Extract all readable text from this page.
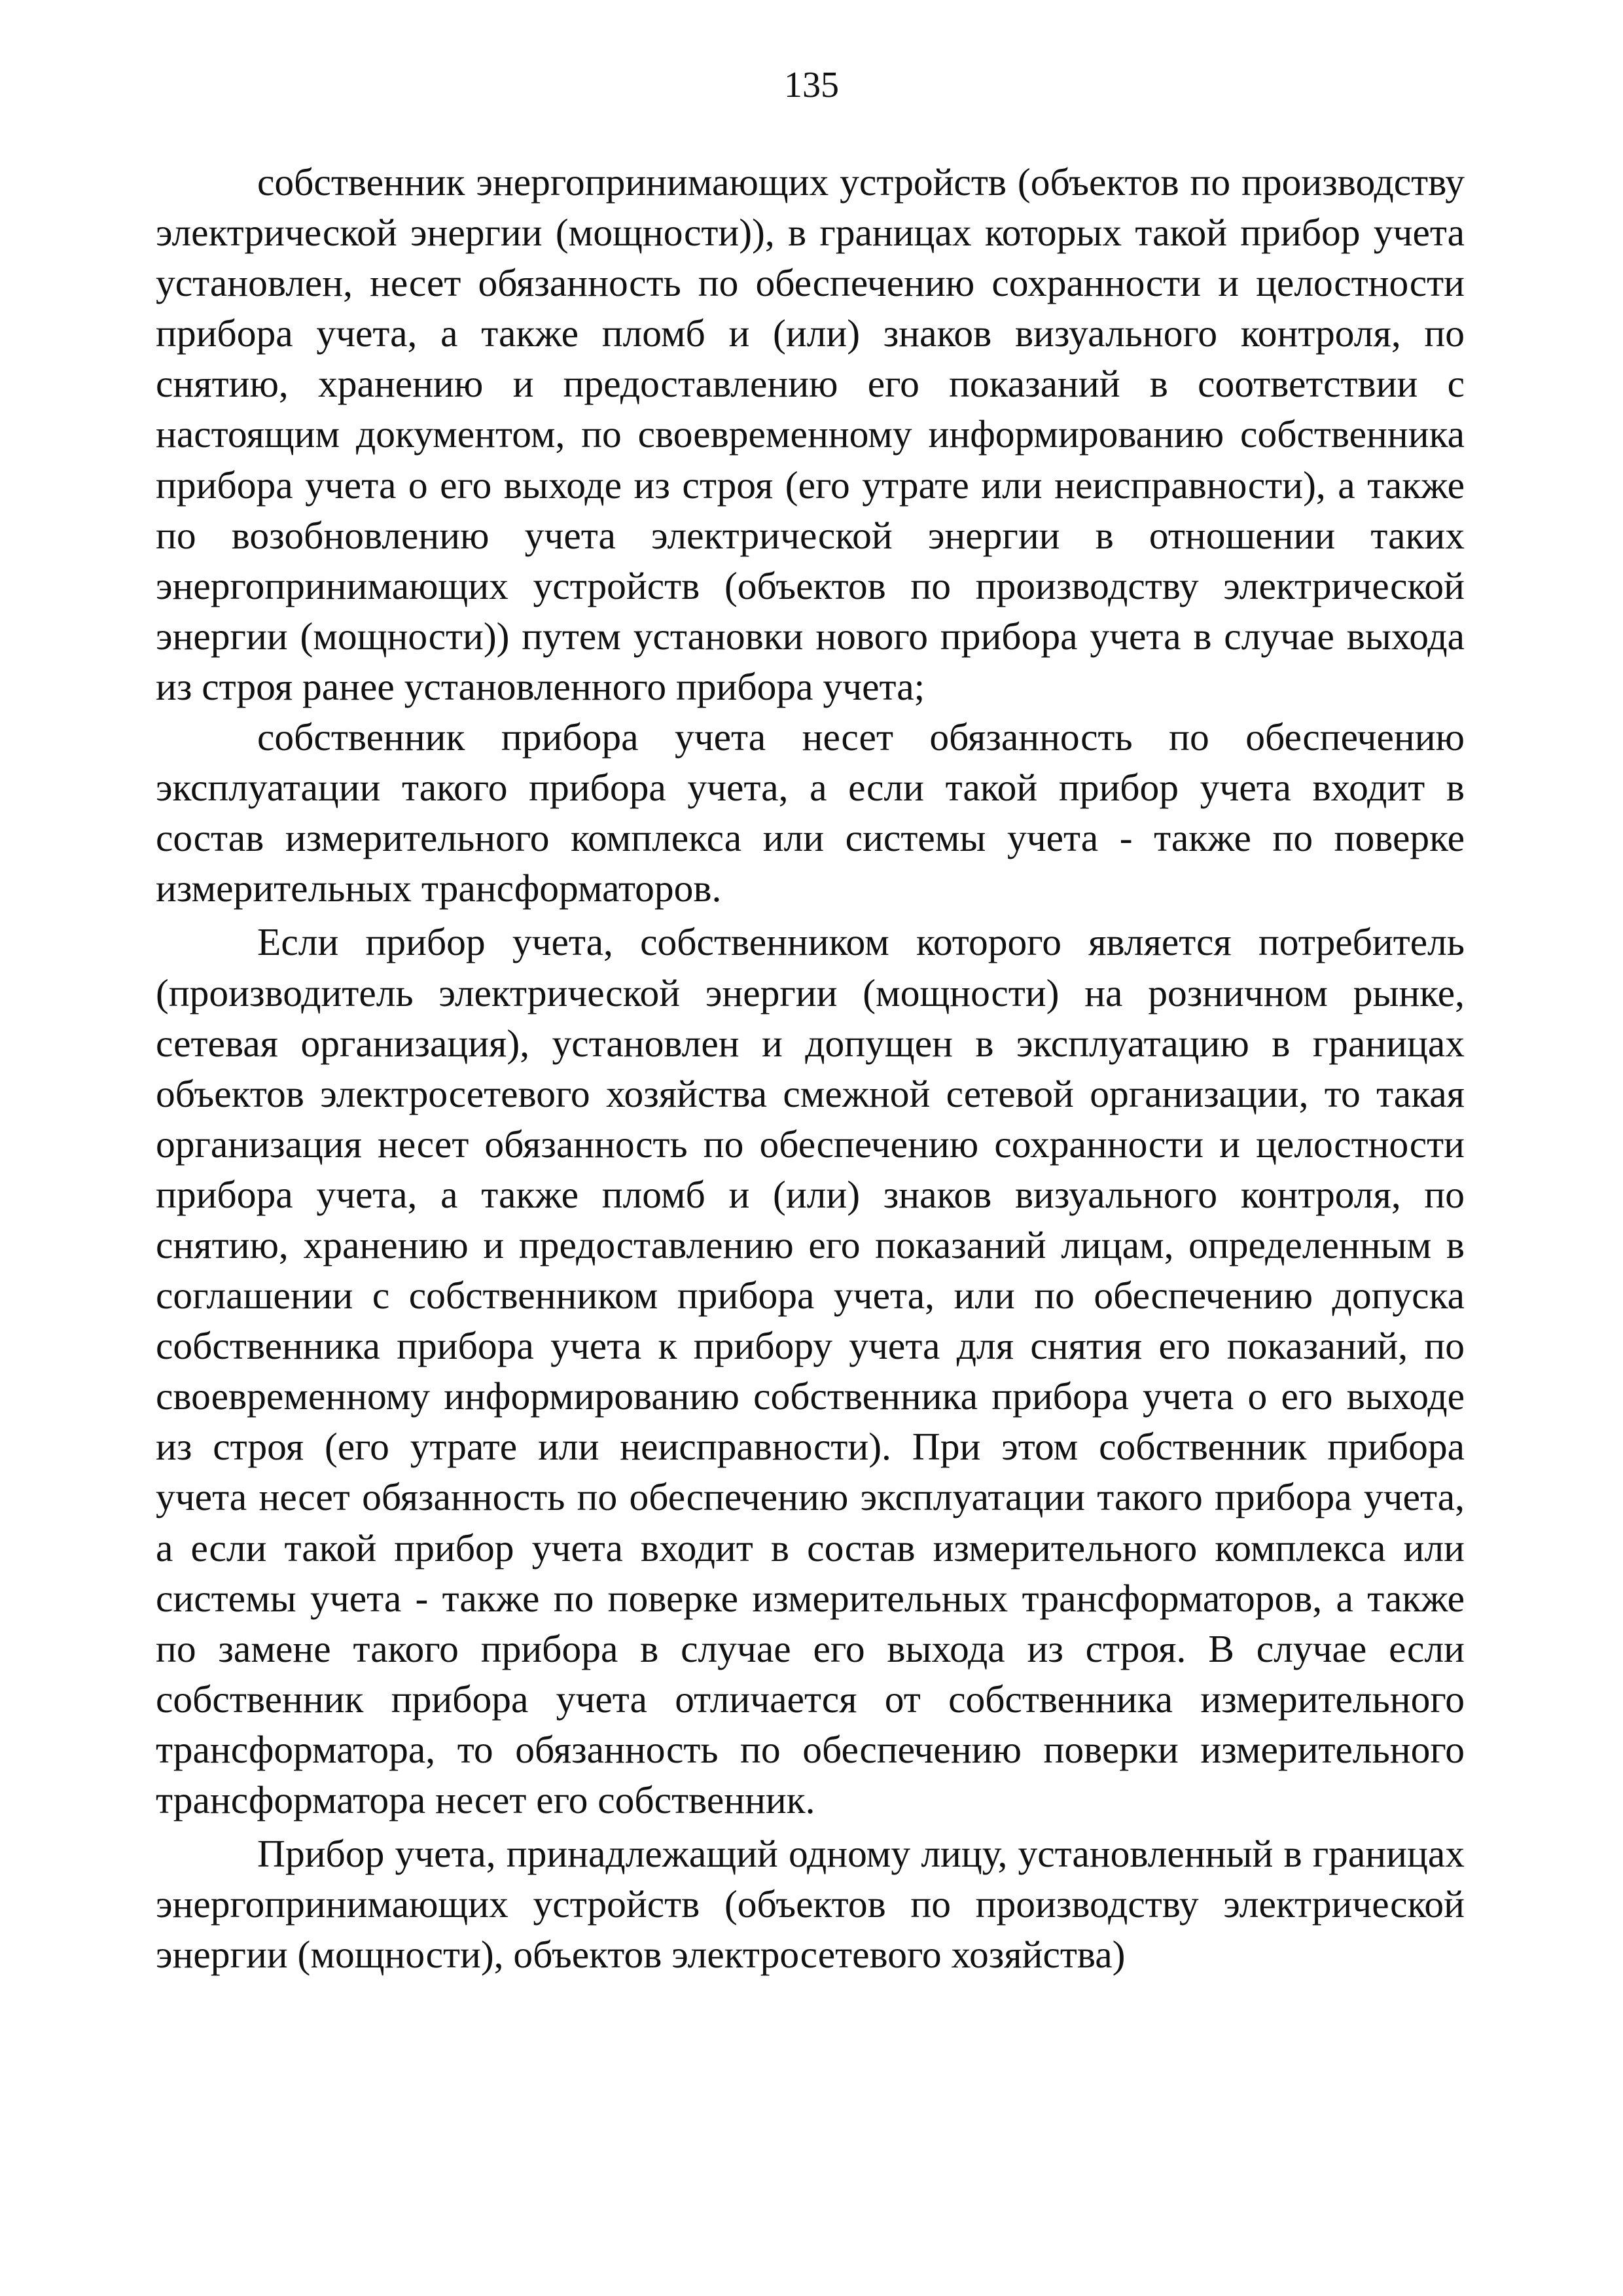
135

собственник энергопринимающих устройств (объектов по производству электрической энергии (мощности)), в границах которых такой прибор учета установлен, несет обязанность по обеспечению сохранности и целостности прибора учета, а также пломб и (или) знаков визуального контроля, по снятию, хранению и предоставлению его показаний в соответствии с настоящим документом, по своевременному информированию собственника прибора учета о его выходе из строя (его утрате или неисправности), а также по возобновлению учета электрической энергии в отношении таких энергопринимающих устройств (объектов по производству электрической энергии (мощности)) путем установки нового прибора учета в случае выхода из строя ранее установленного прибора учета;

собственник прибора учета несет обязанность по обеспечению эксплуатации такого прибора учета, а если такой прибор учета входит в состав измерительного комплекса или системы учета - также по поверке измерительных трансформаторов.

Если прибор учета, собственником которого является потребитель (производитель электрической энергии (мощности) на розничном рынке, сетевая организация), установлен и допущен в эксплуатацию в границах объектов электросетевого хозяйства смежной сетевой организации, то такая организация несет обязанность по обеспечению сохранности и целостности прибора учета, а также пломб и (или) знаков визуального контроля, по снятию, хранению и предоставлению его показаний лицам, определенным в соглашении с собственником прибора учета, или по обеспечению допуска собственника прибора учета к прибору учета для снятия его показаний, по своевременному информированию собственника прибора учета о его выходе из строя (его утрате или неисправности). При этом собственник прибора учета несет обязанность по обеспечению эксплуатации такого прибора учета, а если такой прибор учета входит в состав измерительного комплекса или системы учета - также по поверке измерительных трансформаторов, а также по замене такого прибора в случае его выхода из строя. В случае если собственник прибора учета отличается от собственника измерительного трансформатора, то обязанность по обеспечению поверки измерительного трансформатора несет его собственник.

Прибор учета, принадлежащий одному лицу, установленный в границах энергопринимающих устройств (объектов по производству электрической энергии (мощности), объектов электросетевого хозяйства)
